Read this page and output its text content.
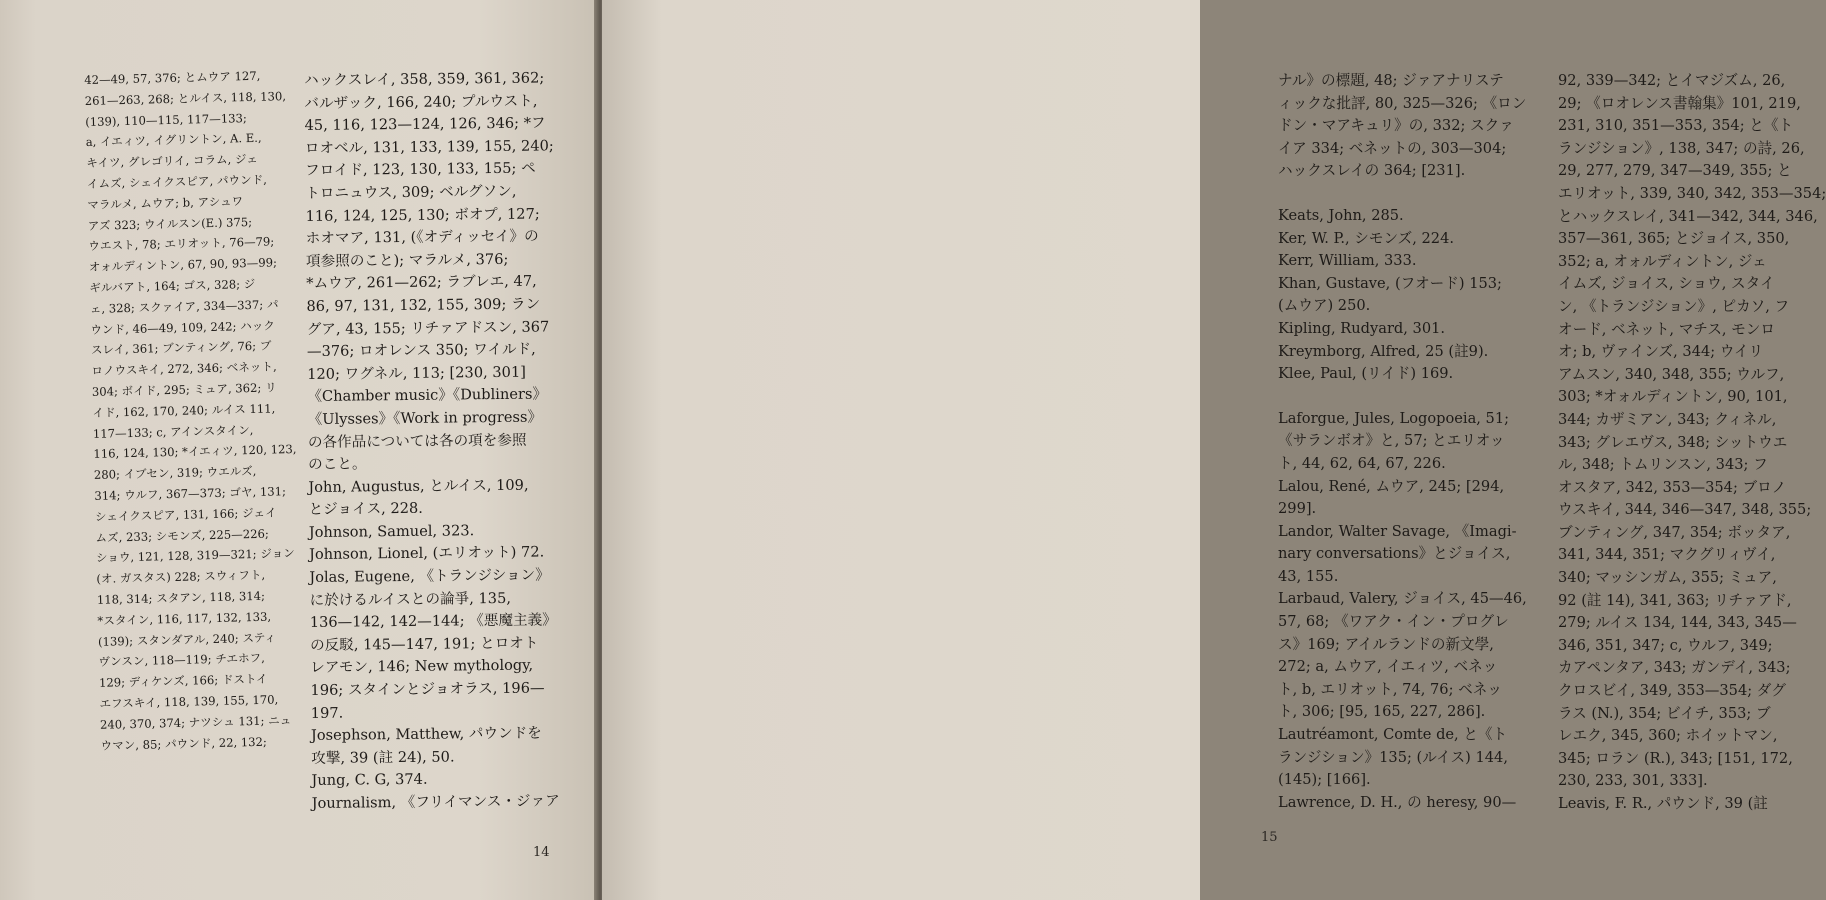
42—49, 57, 376; とムウア 127,
261—263, 268; とルイス, 118, 130,
(139), 110—115, 117—133;
a, イエィツ, イグリントン, A. E.,
キイツ, グレゴリイ, コラム, ジェ
イムズ, シェイクスピア, パウンド,
マラルメ, ムウア; b, アシュワ
アズ 323; ウイルスン(E.) 375;
ウエスト, 78; エリオット, 76—79;
オォルディントン, 67, 90, 93—99;
ギルバアト, 164; ゴス, 328; ジ
ェ, 328; スクァイア, 334—337; パ
ウンド, 46—49, 109, 242; ハック
スレイ, 361; ブンティング, 76; ブ
ロノウスキイ, 272, 346; ベネット,
304; ボイド, 295; ミュア, 362; リ
イド, 162, 170, 240; ルイス 111,
117—133; c, アインスタイン,
116, 124, 130; *イエィツ, 120, 123,
280; イブセン, 319; ウエルズ,
314; ウルフ, 367—373; ゴヤ, 131;
シェイクスピア, 131, 166; ジェイ
ムズ, 233; シモンズ, 225—226;
ショウ, 121, 128, 319—321; ジョン
(オ. ガスタス) 228; スウィフト,
118, 314; スタアン, 118, 314;
*スタイン, 116, 117, 132, 133,
(139); スタンダアル, 240; スティ
ヴンスン, 118—119; チエホフ,
129; ディケンズ, 166; ドストイ
エフスキイ, 118, 139, 155, 170,
240, 370, 374; ナツシュ 131; ニュ
ウマン, 85; パウンド, 22, 132;
ハックスレイ, 358, 359, 361, 362;
バルザック, 166, 240; プルウスト,
45, 116, 123—124, 126, 346; *フ
ロオベル, 131, 133, 139, 155, 240;
フロイド, 123, 130, 133, 155; ペ
トロニュウス, 309; ベルグソン,
116, 124, 125, 130; ボオプ, 127;
ホオマア, 131, (《オディッセイ》の
項参照のこと); マラルメ, 376;
*ムウア, 261—262; ラブレエ, 47,
86, 97, 131, 132, 155, 309; ラン
グア, 43, 155; リチァアドスン, 367
—376; ロオレンス 350; ワイルド,
120; ワグネル, 113; [230, 301]
《Chamber music》《Dubliners》
《Ulysses》《Work in progress》
の各作品については各の項を参照
のこと。
John, Augustus, とルイス, 109,
とジョイス, 228.
Johnson, Samuel, 323.
Johnson, Lionel, (エリオット) 72.
Jolas, Eugene, 《トランジション》
に於けるルイスとの論爭, 135,
136—142, 142—144; 《悪魔主義》
の反駁, 145—147, 191; とロオト
レアモン, 146; New mythology,
196; スタインとジョオラス, 196—
197.
Josephson, Matthew, パウンドを
攻撃, 39 (註 24), 50.
Jung, C. G, 374.
Journalism, 《フリイマンス・ジァア
14
ナル》の標題, 48; ジァアナリステ
ィックな批評, 80, 325—326; 《ロン
ドン・マアキュリ》の, 332; スクァ
イア 334; ベネットの, 303—304;
ハックスレイの 364; [231].
Keats, John, 285.
Ker, W. P., シモンズ, 224.
Kerr, William, 333.
Khan, Gustave, (フオード) 153;
(ムウア) 250.
Kipling, Rudyard, 301.
Kreymborg, Alfred, 25 (註9).
Klee, Paul, (リイド) 169.
Laforgue, Jules, Logopoeia, 51;
《サランボオ》と, 57; とエリオッ
ト, 44, 62, 64, 67, 226.
Lalou, René, ムウア, 245; [294,
299].
Landor, Walter Savage, 《Imagi-
nary conversations》とジョイス,
43, 155.
Larbaud, Valery, ジョイス, 45—46,
57, 68; 《ワアク・イン・プログレ
ス》169; アイルランドの新文學,
272; a, ムウア, イエィツ, ベネッ
ト, b, エリオット, 74, 76; ベネッ
ト, 306; [95, 165, 227, 286].
Lautréamont, Comte de, と《ト
ランジション》135; (ルイス) 144,
(145); [166].
Lawrence, D. H., の heresy, 90—
92, 339—342; とイマジズム, 26,
29; 《ロオレンス書翰集》101, 219,
231, 310, 351—353, 354; と《ト
ランジション》, 138, 347; の詩, 26,
29, 277, 279, 347—349, 355; と
エリオット, 339, 340, 342, 353—354;
とハックスレイ, 341—342, 344, 346,
357—361, 365; とジョイス, 350,
352; a, オォルディントン, ジェ
イムズ, ジョイス, ショウ, スタイ
ン, 《トランジション》, ピカソ, フ
オード, ベネット, マチス, モンロ
オ; b, ヴァインズ, 344; ウイリ
アムスン, 340, 348, 355; ウルフ,
303; *オォルディントン, 90, 101,
344; カザミアン, 343; クィネル,
343; グレエヴス, 348; シットウエ
ル, 348; トムリンスン, 343; フ
オスタア, 342, 353—354; ブロノ
ウスキイ, 344, 346—347, 348, 355;
ブンティング, 347, 354; ボッタア,
341, 344, 351; マクグリィヴイ,
340; マッシンガム, 355; ミュア,
92 (註 14), 341, 363; リチァアド,
279; ルイス 134, 144, 343, 345—
346, 351, 347; c, ウルフ, 349;
カアペンタア, 343; ガンデイ, 343;
クロスビイ, 349, 353—354; ダグ
ラス (N.), 354; ビイチ, 353; ブ
レエク, 345, 360; ホイットマン,
345; ロラン (R.), 343; [151, 172,
230, 233, 301, 333].
Leavis, F. R., パウンド, 39 (註
15
